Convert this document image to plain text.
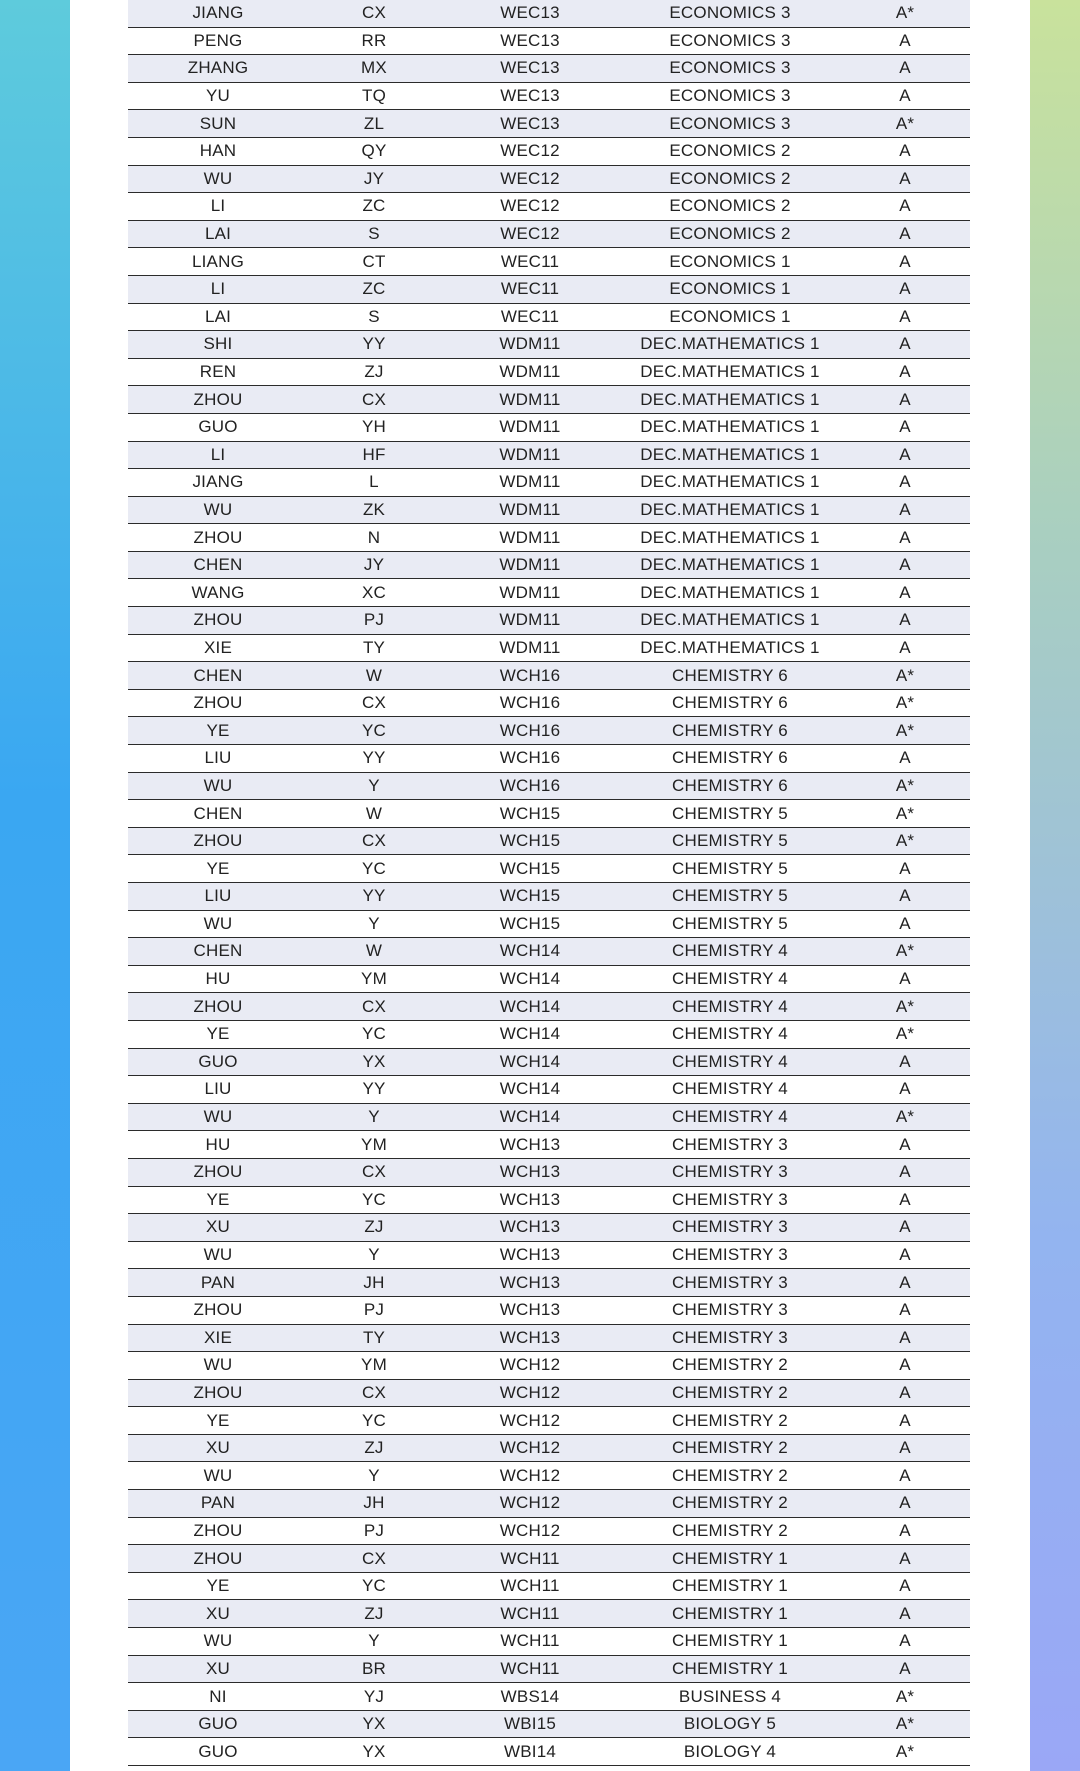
JIANG	CX	WEC13	ECONOMICS 3	A*
PENG	RR	WEC13	ECONOMICS 3	A
ZHANG	MX	WEC13	ECONOMICS 3	A
YU	TQ	WEC13	ECONOMICS 3	A
SUN	ZL	WEC13	ECONOMICS 3	A*
HAN	QY	WEC12	ECONOMICS 2	A
WU	JY	WEC12	ECONOMICS 2	A
LI	ZC	WEC12	ECONOMICS 2	A
LAI	S	WEC12	ECONOMICS 2	A
LIANG	CT	WEC11	ECONOMICS 1	A
LI	ZC	WEC11	ECONOMICS 1	A
LAI	S	WEC11	ECONOMICS 1	A
SHI	YY	WDM11	DEC.MATHEMATICS 1	A
REN	ZJ	WDM11	DEC.MATHEMATICS 1	A
ZHOU	CX	WDM11	DEC.MATHEMATICS 1	A
GUO	YH	WDM11	DEC.MATHEMATICS 1	A
LI	HF	WDM11	DEC.MATHEMATICS 1	A
JIANG	L	WDM11	DEC.MATHEMATICS 1	A
WU	ZK	WDM11	DEC.MATHEMATICS 1	A
ZHOU	N	WDM11	DEC.MATHEMATICS 1	A
CHEN	JY	WDM11	DEC.MATHEMATICS 1	A
WANG	XC	WDM11	DEC.MATHEMATICS 1	A
ZHOU	PJ	WDM11	DEC.MATHEMATICS 1	A
XIE	TY	WDM11	DEC.MATHEMATICS 1	A
CHEN	W	WCH16	CHEMISTRY 6	A*
ZHOU	CX	WCH16	CHEMISTRY 6	A*
YE	YC	WCH16	CHEMISTRY 6	A*
LIU	YY	WCH16	CHEMISTRY 6	A
WU	Y	WCH16	CHEMISTRY 6	A*
CHEN	W	WCH15	CHEMISTRY 5	A*
ZHOU	CX	WCH15	CHEMISTRY 5	A*
YE	YC	WCH15	CHEMISTRY 5	A
LIU	YY	WCH15	CHEMISTRY 5	A
WU	Y	WCH15	CHEMISTRY 5	A
CHEN	W	WCH14	CHEMISTRY 4	A*
HU	YM	WCH14	CHEMISTRY 4	A
ZHOU	CX	WCH14	CHEMISTRY 4	A*
YE	YC	WCH14	CHEMISTRY 4	A*
GUO	YX	WCH14	CHEMISTRY 4	A
LIU	YY	WCH14	CHEMISTRY 4	A
WU	Y	WCH14	CHEMISTRY 4	A*
HU	YM	WCH13	CHEMISTRY 3	A
ZHOU	CX	WCH13	CHEMISTRY 3	A
YE	YC	WCH13	CHEMISTRY 3	A
XU	ZJ	WCH13	CHEMISTRY 3	A
WU	Y	WCH13	CHEMISTRY 3	A
PAN	JH	WCH13	CHEMISTRY 3	A
ZHOU	PJ	WCH13	CHEMISTRY 3	A
XIE	TY	WCH13	CHEMISTRY 3	A
WU	YM	WCH12	CHEMISTRY 2	A
ZHOU	CX	WCH12	CHEMISTRY 2	A
YE	YC	WCH12	CHEMISTRY 2	A
XU	ZJ	WCH12	CHEMISTRY 2	A
WU	Y	WCH12	CHEMISTRY 2	A
PAN	JH	WCH12	CHEMISTRY 2	A
ZHOU	PJ	WCH12	CHEMISTRY 2	A
ZHOU	CX	WCH11	CHEMISTRY 1	A
YE	YC	WCH11	CHEMISTRY 1	A
XU	ZJ	WCH11	CHEMISTRY 1	A
WU	Y	WCH11	CHEMISTRY 1	A
XU	BR	WCH11	CHEMISTRY 1	A
NI	YJ	WBS14	BUSINESS 4	A*
GUO	YX	WBI15	BIOLOGY 5	A*
GUO	YX	WBI14	BIOLOGY 4	A*
